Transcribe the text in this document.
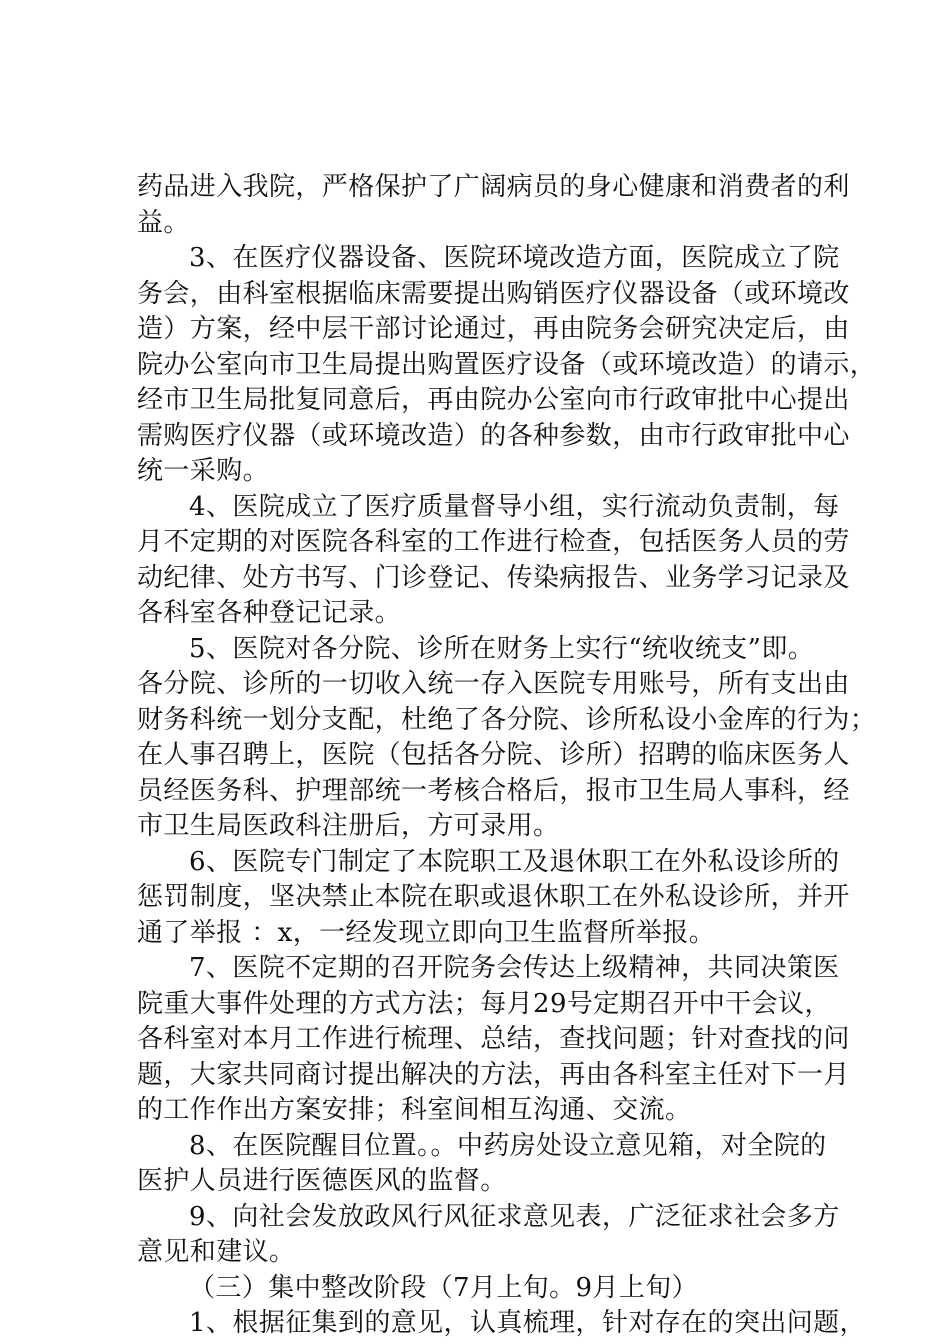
药品进入我院，严格保护了广阔病员的身心健康和消费者的利
益。
3、在医疗仪器设备、医院环境改造方面，医院成立了院
务会，由科室根据临床需要提出购销医疗仪器设备（或环境改
造）方案，经中层干部讨论通过，再由院务会研究决定后，由
院办公室向市卫生局提出购置医疗设备（或环境改造）的请示，
经市卫生局批复同意后，再由院办公室向市行政审批中心提出
需购医疗仪器（或环境改造）的各种参数，由市行政审批中心
统一采购。
4、医院成立了医疗质量督导小组，实行流动负责制，每
月不定期的对医院各科室的工作进行检查，包括医务人员的劳
动纪律、处方书写、门诊登记、传染病报告、业务学习记录及
各科室各种登记记录。
5、医院对各分院、诊所在财务上实行“统收统支”即。
各分院、诊所的一切收入统一存入医院专用账号，所有支出由
财务科统一划分支配，杜绝了各分院、诊所私设小金库的行为；
在人事召聘上，医院（包括各分院、诊所）招聘的临床医务人
员经医务科、护理部统一考核合格后，报市卫生局人事科，经
市卫生局医政科注册后，方可录用。
6、医院专门制定了本院职工及退休职工在外私设诊所的
惩罚制度，坚决禁止本院在职或退休职工在外私设诊所，并开
通了举报 ：x，一经发现立即向卫生监督所举报。
7、医院不定期的召开院务会传达上级精神，共同决策医
院重大事件处理的方式方法；每月29号定期召开中干会议，
各科室对本月工作进行梳理、总结，查找问题；针对查找的问
题，大家共同商讨提出解决的方法，再由各科室主任对下一月
的工作作出方案安排；科室间相互沟通、交流。
8、在医院醒目位置。。中药房处设立意见箱，对全院的
医护人员进行医德医风的监督。
9、向社会发放政风行风征求意见表，广泛征求社会多方
意见和建议。
（三）集中整改阶段（7月上旬。9月上旬）
1、根据征集到的意见，认真梳理，针对存在的突出问题，
